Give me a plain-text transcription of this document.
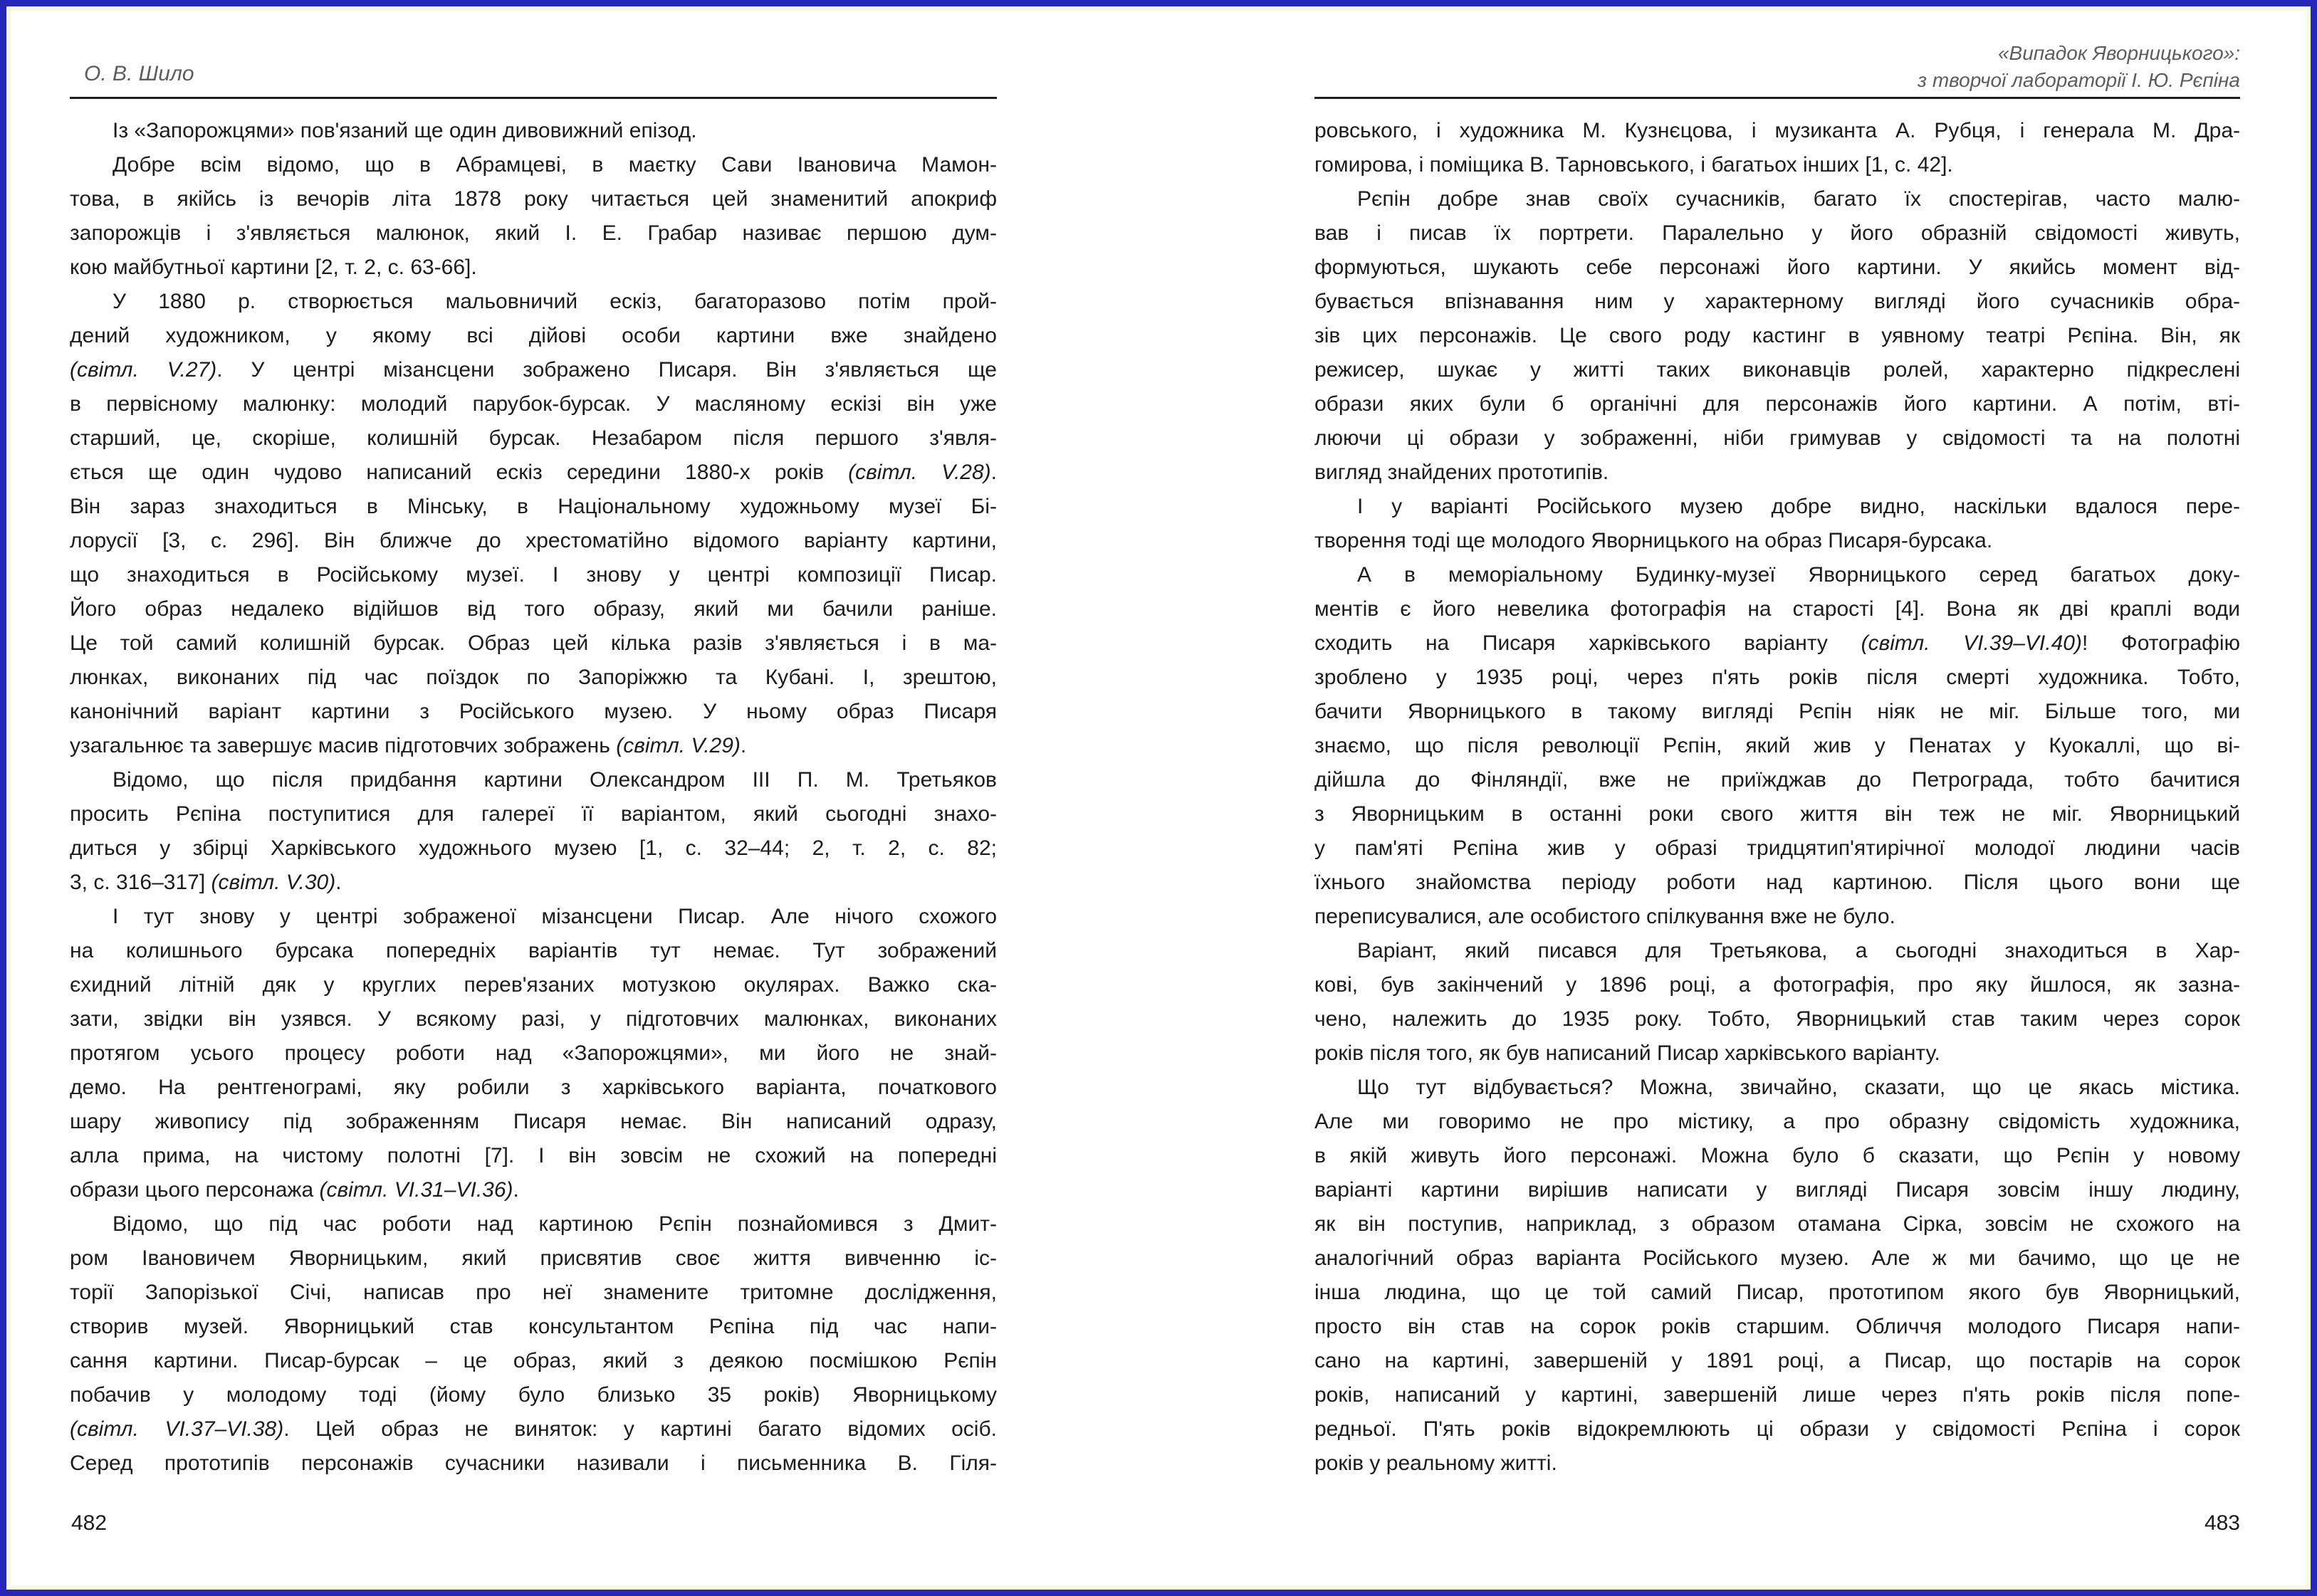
О. В. Шило
Із «Запорожцями» пов'язаний ще один дивовижний епізод.
Добре всім відомо, що в Абрамцеві, в маєтку Сави Івановича Мамон-
това, в якійсь із вечорів літа 1878 року читається цей знаменитий апокриф
запорожців і з'являється малюнок, який І. Е. Грабар називає першою дум-
кою майбутньої картини [2, т. 2, с. 63-66].
У 1880 р. створюється мальовничий ескіз, багаторазово потім прой-
дений художником, у якому всі дійові особи картини вже знайдено
(світл. V.27). У центрі мізансцени зображено Писаря. Він з'являється ще
в первісному малюнку: молодий парубок-бурсак. У масляному ескізі він уже
старший, це, скоріше, колишній бурсак. Незабаром після першого з'явля-
ється ще один чудово написаний ескіз середини 1880-х років (світл. V.28).
Він зараз знаходиться в Мінську, в Національному художньому музеї Бі-
лорусії [3, с. 296]. Він ближче до хрестоматійно відомого варіанту картини,
що знаходиться в Російському музеї. І знову у центрі композиції Писар.
Його образ недалеко відійшов від того образу, який ми бачили раніше.
Це той самий колишній бурсак. Образ цей кілька разів з'являється і в ма-
люнках, виконаних під час поїздок по Запоріжжю та Кубані. І, зрештою,
канонічний варіант картини з Російського музею. У ньому образ Писаря
узагальнює та завершує масив підготовчих зображень (світл. V.29).
Відомо, що після придбання картини Олександром III П. М. Третьяков
просить Рєпіна поступитися для галереї її варіантом, який сьогодні знахо-
диться у збірці Харківського художнього музею [1, с. 32–44; 2, т. 2, с. 82;
3, с. 316–317] (світл. V.30).
І тут знову у центрі зображеної мізансцени Писар. Але нічого схожого
на колишнього бурсака попередніх варіантів тут немає. Тут зображений
єхидний літній дяк у круглих перев'язаних мотузкою окулярах. Важко ска-
зати, звідки він узявся. У всякому разі, у підготовчих малюнках, виконаних
протягом усього процесу роботи над «Запорожцями», ми його не знай-
демо. На рентгенограмі, яку робили з харківського варіанта, початкового
шару живопису під зображенням Писаря немає. Він написаний одразу,
алла прима, на чистому полотні [7]. І він зовсім не схожий на попередні
образи цього персонажа (світл. VI.31–VI.36).
Відомо, що під час роботи над картиною Рєпін познайомився з Дмит-
ром Івановичем Яворницьким, який присвятив своє життя вивченню іс-
торії Запорізької Січі, написав про неї знамените тритомне дослідження,
створив музей. Яворницький став консультантом Рєпіна під час напи-
сання картини. Писар-бурсак – це образ, який з деякою посмішкою Рєпін
побачив у молодому тоді (йому було близько 35 років) Яворницькому
(світл. VI.37–VI.38). Цей образ не виняток: у картині багато відомих осіб.
Серед прототипів персонажів сучасники називали і письменника В. Гіля-
482
«Випадок Яворницького»:
з творчої лабораторії І. Ю. Рєпіна
ровського, і художника М. Кузнєцова, і музиканта А. Рубця, і генерала М. Дра-
гомирова, і поміщика В. Тарновського, і багатьох інших [1, с. 42].
Рєпін добре знав своїх сучасників, багато їх спостерігав, часто малю-
вав і писав їх портрети. Паралельно у його образній свідомості живуть,
формуються, шукають себе персонажі його картини. У якийсь момент від-
бувається впізнавання ним у характерному вигляді його сучасників обра-
зів цих персонажів. Це свого роду кастинг в уявному театрі Рєпіна. Він, як
режисер, шукає у житті таких виконавців ролей, характерно підкреслені
образи яких були б органічні для персонажів його картини. А потім, вті-
люючи ці образи у зображенні, ніби гримував у свідомості та на полотні
вигляд знайдених прототипів.
І у варіанті Російського музею добре видно, наскільки вдалося пере-
творення тоді ще молодого Яворницького на образ Писаря-бурсака.
А в меморіальному Будинку-музеї Яворницького серед багатьох доку-
ментів є його невелика фотографія на старості [4]. Вона як дві краплі води
сходить на Писаря харківського варіанту (світл. VI.39–VI.40)! Фотографію
зроблено у 1935 році, через п'ять років після смерті художника. Тобто,
бачити Яворницького в такому вигляді Рєпін ніяк не міг. Більше того, ми
знаємо, що після революції Рєпін, який жив у Пенатах у Куокаллі, що ві-
дійшла до Фінляндії, вже не приїжджав до Петрограда, тобто бачитися
з Яворницьким в останні роки свого життя він теж не міг. Яворницький
у пам'яті Рєпіна жив у образі тридцятип'ятирічної молодої людини часів
їхнього знайомства періоду роботи над картиною. Після цього вони ще
переписувалися, але особистого спілкування вже не було.
Варіант, який писався для Третьякова, а сьогодні знаходиться в Хар-
кові, був закінчений у 1896 році, а фотографія, про яку йшлося, як зазна-
чено, належить до 1935 року. Тобто, Яворницький став таким через сорок
років після того, як був написаний Писар харківського варіанту.
Що тут відбувається? Можна, звичайно, сказати, що це якась містика.
Але ми говоримо не про містику, а про образну свідомість художника,
в якій живуть його персонажі. Можна було б сказати, що Рєпін у новому
варіанті картини вирішив написати у вигляді Писаря зовсім іншу людину,
як він поступив, наприклад, з образом отамана Сірка, зовсім не схожого на
аналогічний образ варіанта Російського музею. Але ж ми бачимо, що це не
інша людина, що це той самий Писар, прототипом якого був Яворницький,
просто він став на сорок років старшим. Обличчя молодого Писаря напи-
сано на картині, завершеній у 1891 році, а Писар, що постарів на сорок
років, написаний у картині, завершеній лише через п'ять років після попе-
редньої. П'ять років відокремлюють ці образи у свідомості Рєпіна і сорок
років у реальному житті.
483
